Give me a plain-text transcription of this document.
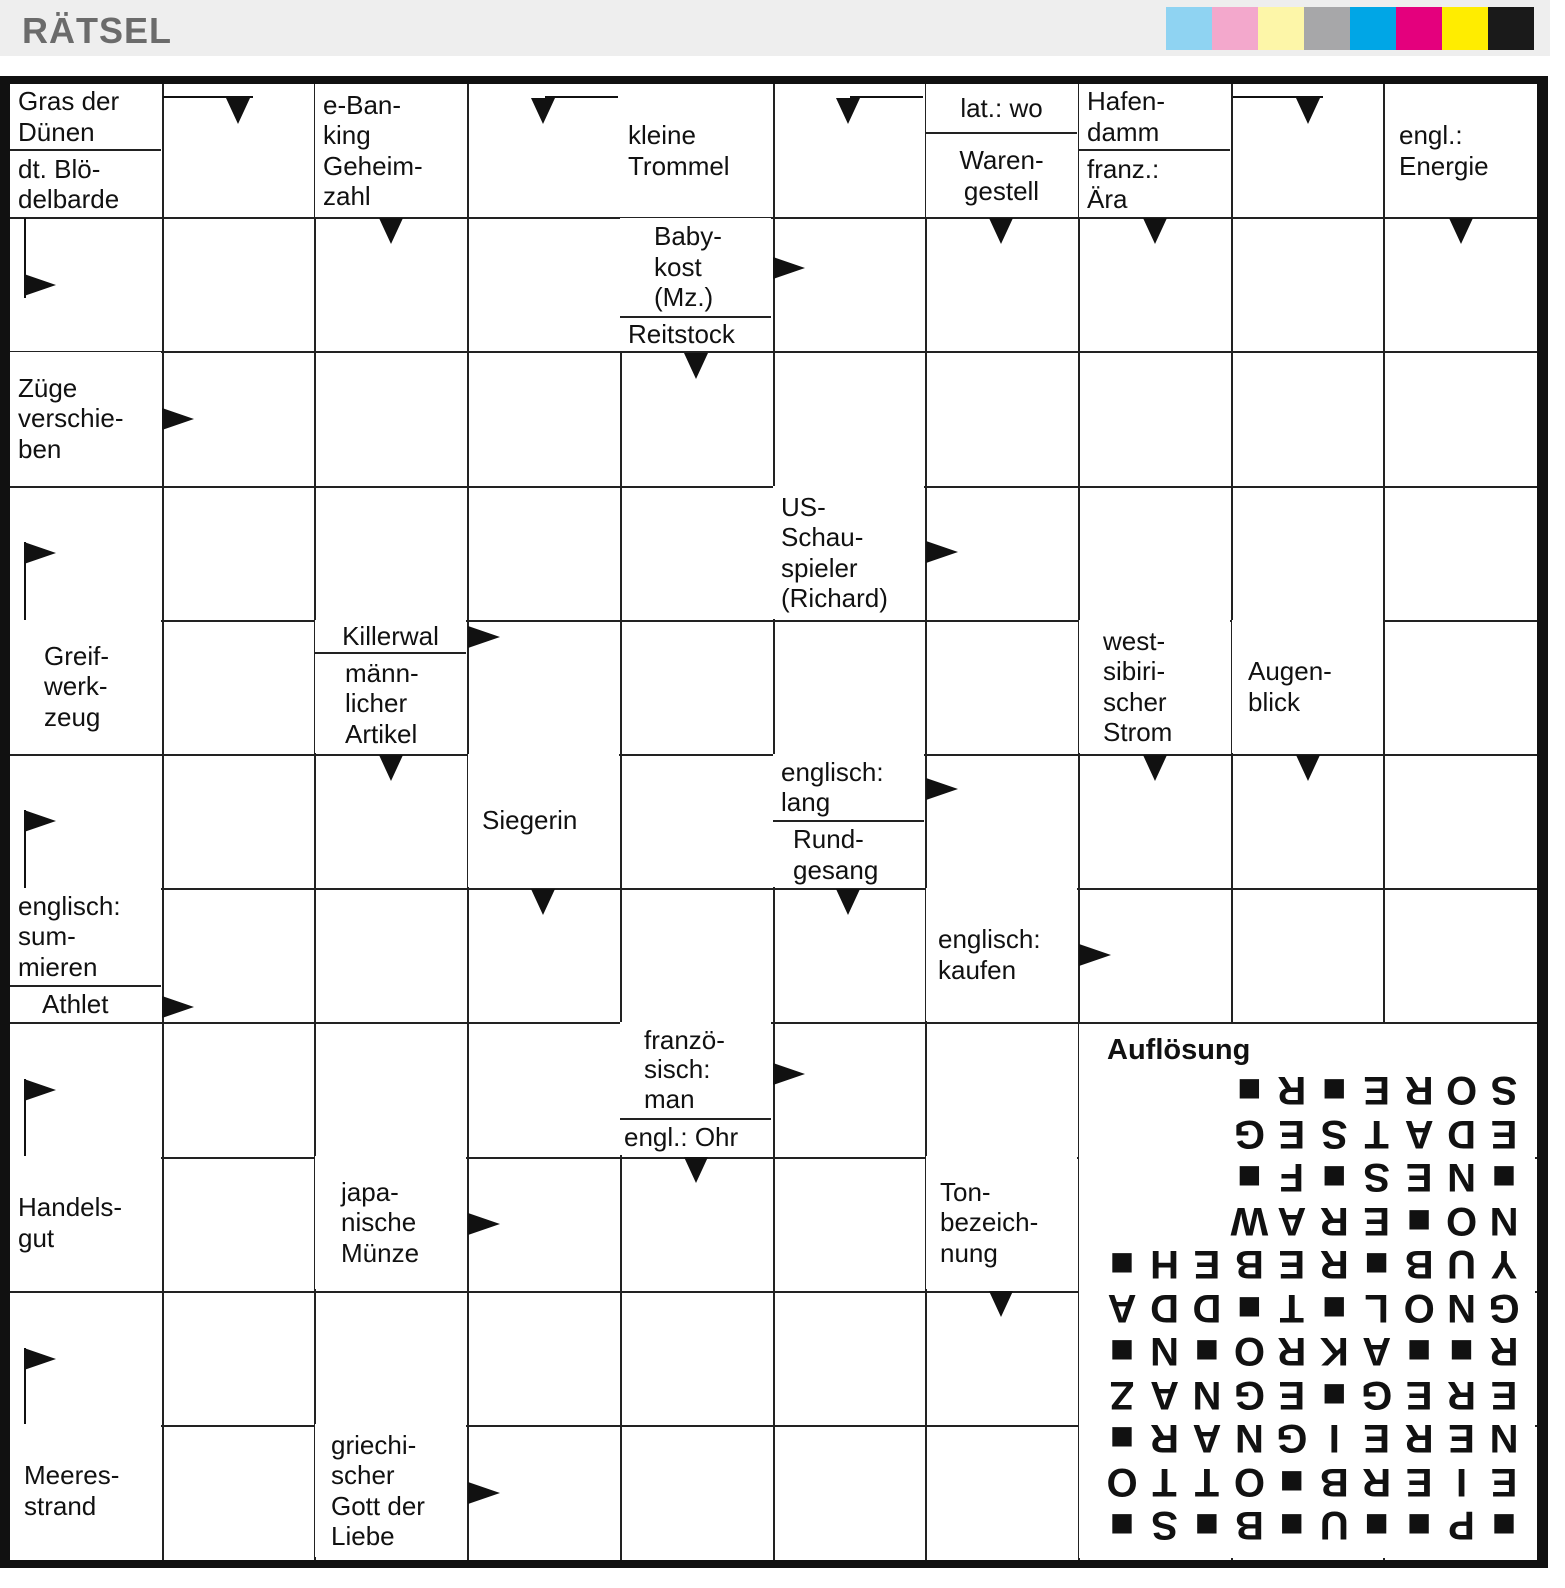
RÄTSEL
Gras der
Dünen
dt. Blö-
delbarde
e-Ban-
king
Geheim-
zahl
kleine
Trommel
lat.: wo
Waren-
gestell
Hafen-
damm
franz.:
Ära
engl.:
Energie
Baby-
kost
(Mz.)
Reitstock
Züge
verschie-
ben
US-
Schau-
spieler
(Richard)
Greif-
werk-
zeug
Killerwal
männ-
licher
Artikel
west-
sibiri-
scher
Strom
Augen-
blick
Siegerin
englisch:
lang
Rund-
gesang
englisch:
sum-
mieren
Athlet
englisch:
kaufen
franzö-
sisch:
man
engl.: Ohr
Handels-
gut
japa-
nische
Münze
Ton-
bezeich-
nung
Meeres-
strand
griechi-
scher
Gott der
Liebe
Auflösung
S
O
R
E
■
R
■
E
D
A
T
S
E
G
■
N
E
S
■
F
■
N
O
■
E
R
A
W
Y
U
B
■
R
E
B
E
H
■
G
N
O
L
■
T
■
D
D
A
R
■
■
A
K
R
O
■
N
■
E
R
E
G
■
E
G
N
A
Z
N
E
R
E
I
G
N
A
R
■
E
I
E
R
B
■
O
T
T
O
■
P
■
■
U
■
B
■
S
■
